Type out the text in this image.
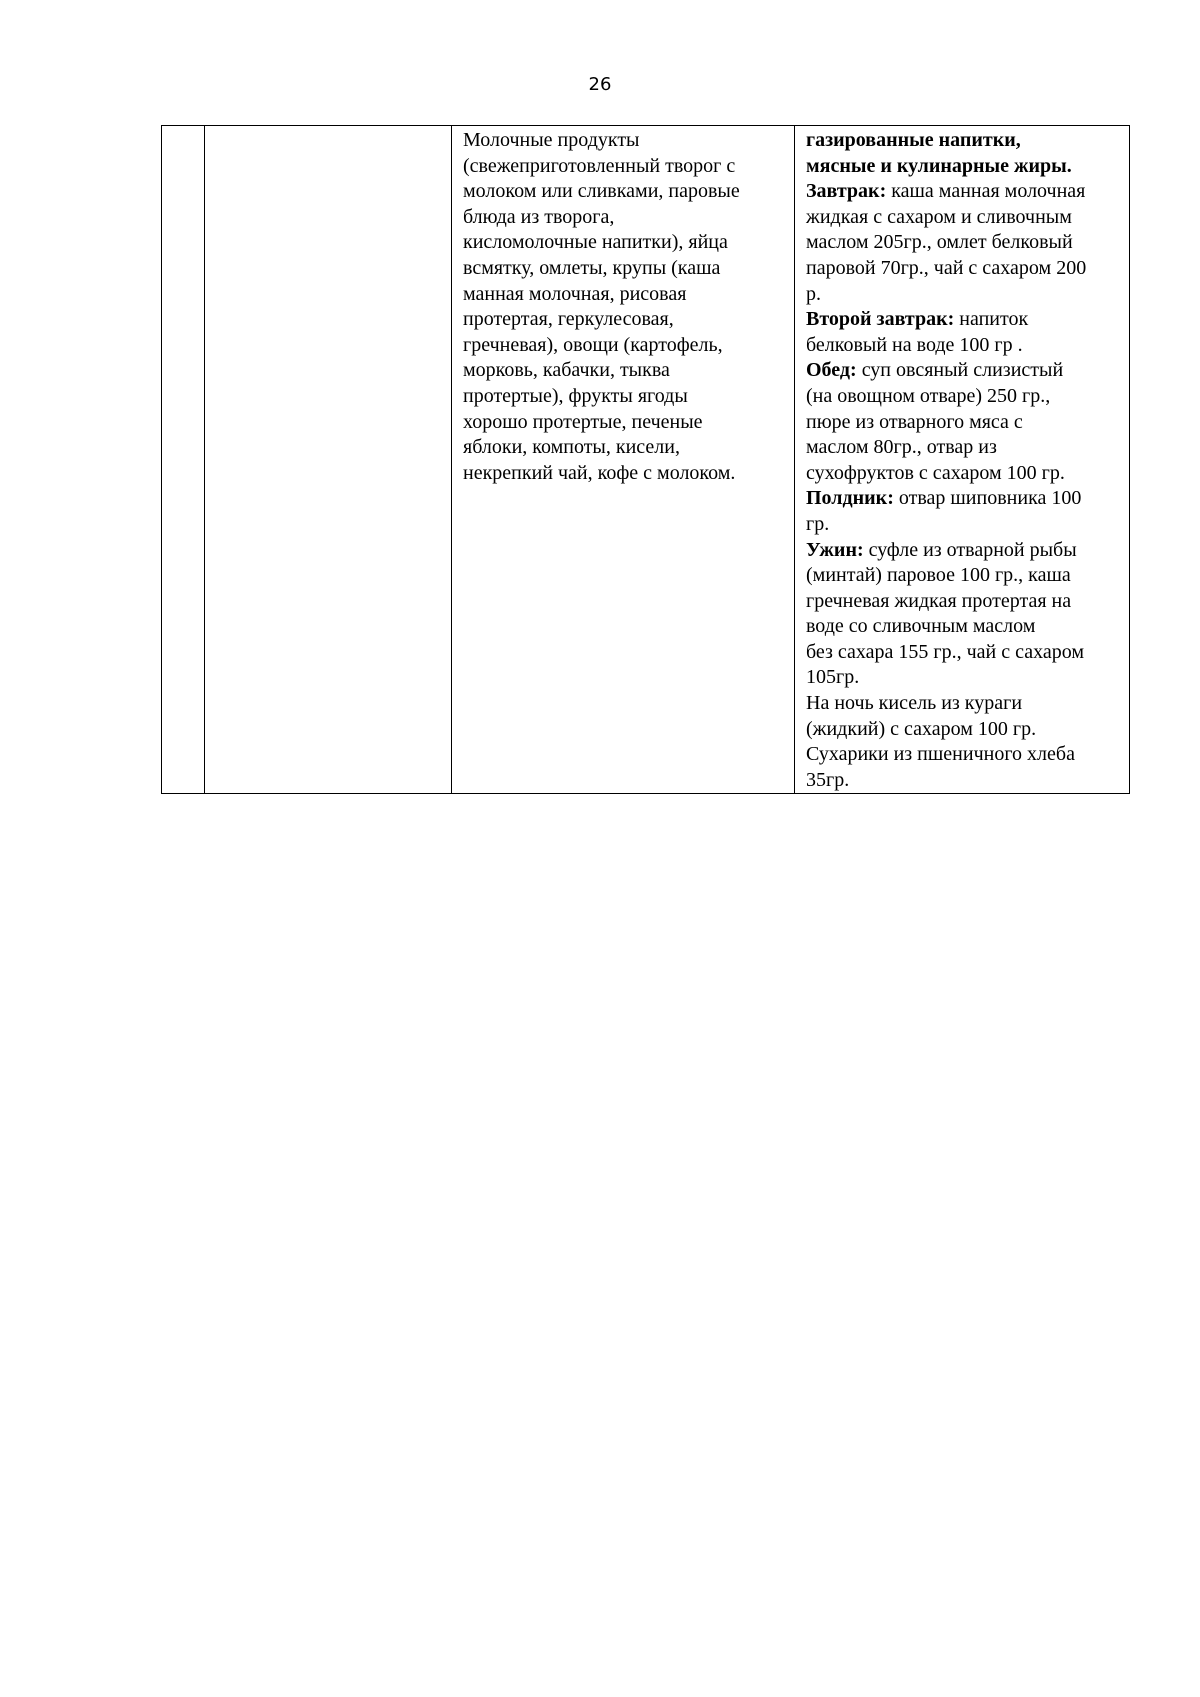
26

Молочные продукты
(свежеприготовленный творог с
молоком или сливками, паровые
блюда из творога,
кисломолочные напитки), яйца
всмятку, омлеты, крупы (каша
манная молочная, рисовая
протертая, геркулесовая,
гречневая), овощи (картофель,
морковь, кабачки, тыква
протертые), фрукты ягоды
хорошо протертые, печеные
яблоки, компоты, кисели,
некрепкий чай, кофе с молоком.

газированные напитки,
мясные и кулинарные жиры.
Завтрак: каша манная молочная
жидкая с сахаром и сливочным
маслом 205гр., омлет белковый
паровой 70гр., чай с сахаром 200
р.
Второй завтрак: напиток
белковый на воде 100 гр .
Обед: суп овсяный слизистый
(на овощном отваре) 250 гр.,
пюре из отварного мяса с
маслом 80гр., отвар из
сухофруктов с сахаром 100 гр.
Полдник: отвар шиповника 100
гр.
Ужин: суфле из отварной рыбы
(минтай) паровое 100 гр., каша
гречневая жидкая протертая на
воде со сливочным маслом
без сахара 155 гр., чай с сахаром
105гр.
На ночь кисель из кураги
(жидкий) с сахаром 100 гр.
Сухарики из пшеничного хлеба
35гр.
